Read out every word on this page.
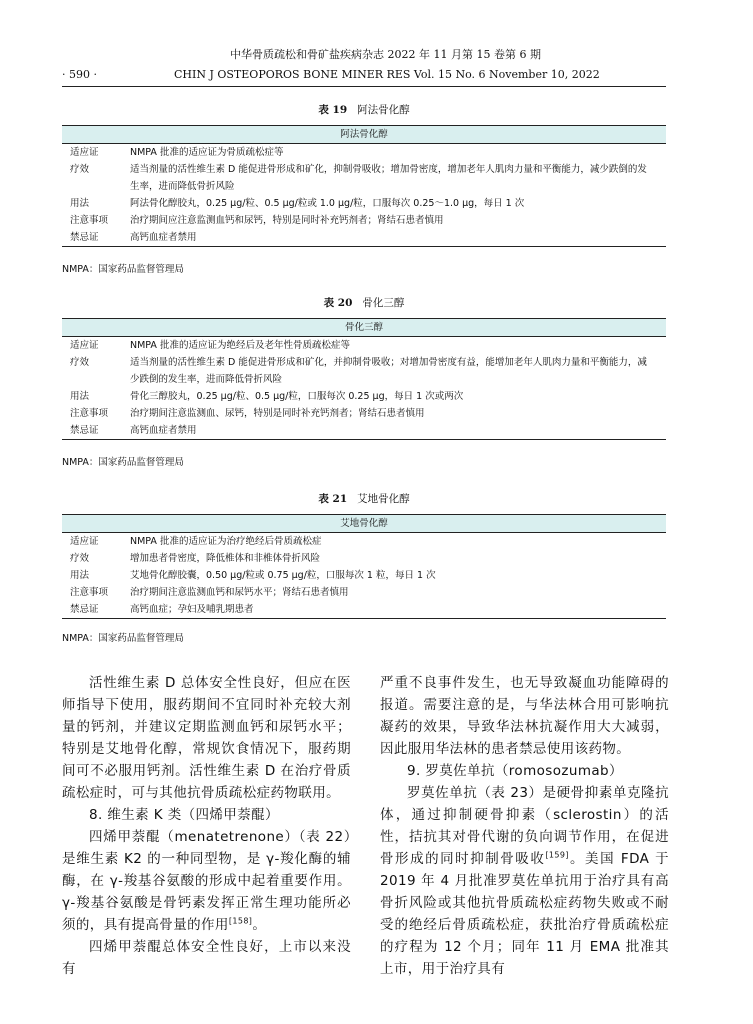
中华骨质疏松和骨矿盐疾病杂志 2022 年 11 月第 15 卷第 6 期
· 590 ·	CHIN J OSTEOPOROS BONE MINER RES Vol. 15 No. 6 November 10, 2022
表 19 阿法骨化醇
阿法骨化醇	
适应证	NMPA 批准的适应证为骨质疏松症等
疗效	适当剂量的活性维生素 D 能促进骨形成和矿化，抑制骨吸收；增加骨密度，增加老年人肌肉力量和平衡能力，减少跌倒的发生率，进而降低骨折风险
用法	阿法骨化醇胶丸，0.25 μg/粒、0.5 μg/粒或 1.0 μg/粒，口服每次 0.25～1.0 μg，每日 1 次
注意事项	治疗期间应注意监测血钙和尿钙，特别是同时补充钙剂者；肾结石患者慎用
禁忌证	高钙血症者禁用
NMPA：国家药品监督管理局
表 20 骨化三醇
骨化三醇	
适应证	NMPA 批准的适应证为绝经后及老年性骨质疏松症等
疗效	适当剂量的活性维生素 D 能促进骨形成和矿化，并抑制骨吸收；对增加骨密度有益，能增加老年人肌肉力量和平衡能力，减少跌倒的发生率，进而降低骨折风险
用法	骨化三醇胶丸，0.25 μg/粒、0.5 μg/粒，口服每次 0.25 μg，每日 1 次或两次
注意事项	治疗期间注意监测血、尿钙，特别是同时补充钙剂者；肾结石患者慎用
禁忌证	高钙血症者禁用
NMPA：国家药品监督管理局
表 21 艾地骨化醇
艾地骨化醇	
适应证	NMPA 批准的适应证为治疗绝经后骨质疏松症
疗效	增加患者骨密度，降低椎体和非椎体骨折风险
用法	艾地骨化醇胶囊，0.50 μg/粒或 0.75 μg/粒，口服每次 1 粒，每日 1 次
注意事项	治疗期间注意监测血钙和尿钙水平；肾结石患者慎用
禁忌证	高钙血症；孕妇及哺乳期患者
NMPA：国家药品监督管理局

活性维生素 D 总体安全性良好，但应在医师指导下使用，服药期间不宜同时补充较大剂量的钙剂，并建议定期监测血钙和尿钙水平；特别是艾地骨化醇，常规饮食情况下，服药期间可不必服用钙剂。活性维生素 D 在治疗骨质疏松症时，可与其他抗骨质疏松症药物联用。

8. 维生素 K 类（四烯甲萘醌）

四烯甲萘醌（menatetrenone）（表 22）是维生素 K2 的一种同型物，是 γ-羧化酶的辅酶，在 γ-羧基谷氨酸的形成中起着重要作用。γ-羧基谷氨酸是骨钙素发挥正常生理功能所必须的，具有提高骨量的作用[158]。

四烯甲萘醌总体安全性良好，上市以来没有

严重不良事件发生，也无导致凝血功能障碍的报道。需要注意的是，与华法林合用可影响抗凝药的效果，导致华法林抗凝作用大大减弱，因此服用华法林的患者禁忌使用该药物。

9. 罗莫佐单抗（romosozumab）

罗莫佐单抗（表 23）是硬骨抑素单克隆抗体，通过抑制硬骨抑素（sclerostin）的活性，拮抗其对骨代谢的负向调节作用，在促进骨形成的同时抑制骨吸收[159]。美国 FDA 于 2019 年 4 月批准罗莫佐单抗用于治疗具有高骨折风险或其他抗骨质疏松症药物失败或不耐受的绝经后骨质疏松症，获批治疗骨质疏松症的疗程为 12 个月；同年 11 月 EMA 批准其上市，用于治疗具有
